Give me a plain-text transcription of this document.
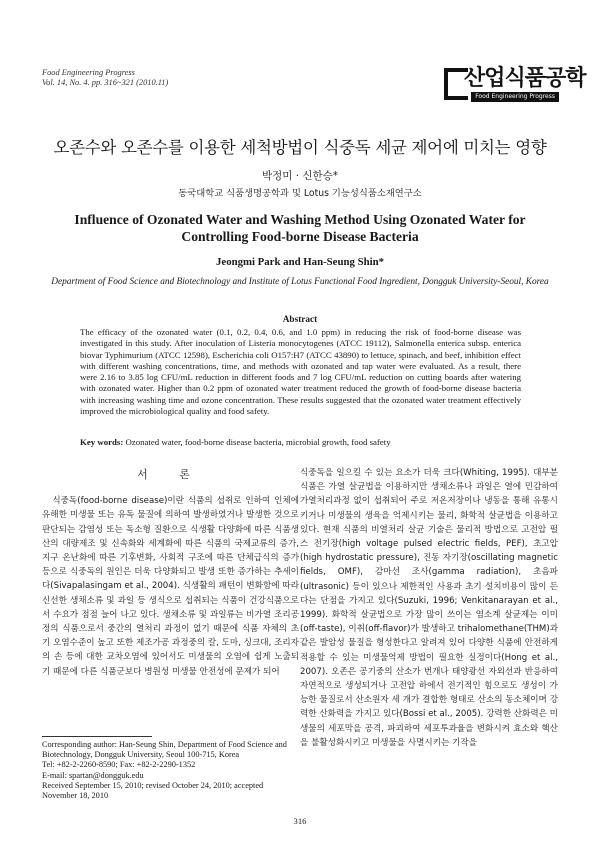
Food Engineering Progress
Vol. 14, No. 4. pp. 316~321 (2010.11)	산업식품공학
Food Engineering Progress
오존수와 오존수를 이용한 세척방법이 식중독 세균 제어에 미치는 영향
박정미 · 신한승*
동국대학교 식품생명공학과 및 Lotus 기능성식품소재연구소
Influence of Ozonated Water and Washing Method Using Ozonated Water for Controlling Food-borne Disease Bacteria
Jeongmi Park and Han-Seung Shin*
Department of Food Science and Biotechnology and Institute of Lotus Functional Food Ingredient, Dongguk University-Seoul, Korea
Abstract
The efficacy of the ozonated water (0.1, 0.2, 0.4, 0.6, and 1.0 ppm) in reducing the risk of food-borne disease was investigated in this study. After inoculation of Listeria monocytogenes (ATCC 19112), Salmonella enterica subsp. enterica biovar Typhimurium (ATCC 12598), Escherichia coli O157:H7 (ATCC 43890) to lettuce, spinach, and beef, inhibition effect with different washing concentrations, time, and methods with ozonated and tap water were evaluated. As a result, there were 2.16 to 3.85 log CFU/mL reduction in different foods and 7 log CFU/mL reduction on cutting boards after watering with ozonated water. Higher than 0.2 ppm of ozonated water treatment reduced the growth of food-borne disease bacteria with increasing washing time and ozone concentration. These results suggested that the ozonated water treatment effectively improved the microbiological quality and food safety.
Key words: Ozonated water, food-borne disease bacteria, microbial growth, food safety

서 론

식중독(food-borne disease)이란 식품의 섭취로 인하여 인체에 유해한 미생물 또는 유독 물질에 의하여 발생하였거나 발생한 것으로 판단되는 감염성 또는 독소형 질환으로 식생활 다양화에 따른 식품생산의 대량제조 및 신속화와 세계화에 따른 식품의 국제교류의 증가, 지구 온난화에 따른 기후변화, 사회적 구조에 따른 단체급식의 증가 등으로 식중독의 원인은 더욱 다양화되고 발생 또한 증가하는 추세이다(Sivapalasingam et al., 2004). 식생활의 패턴이 변화함에 따라 신선한 생채소류 및 과일 등 생식으로 섭취되는 식품이 건강식품으로서 수요가 점점 늘어 나고 있다. 생채소류 및 과일류는 비가열 조리공정의 식품으로서 중간의 열처리 과정이 없기 때문에 식품 자체의 초기 오염수준이 높고 또한 제조가공 과정중의 칼, 도마, 싱크대, 조리자의 손 등에 대한 교차오염에 있어서도 미생물의 오염에 쉽게 노출되기 때문에 다른 식품군보다 병원성 미생물 안전성에 문제가 되어

식중독을 일으킬 수 있는 요소가 더욱 크다(Whiting, 1995). 대부분 식품은 가열 살균법을 이용하지만 생채소류나 과일은 열에 민감하여 가열처리과정 없이 섭취되어 주로 저온저장이나 냉동을 통해 유통시키거나 미생물의 생육을 억제시키는 물리, 화학적 살균법을 이용하고 있다. 현재 식품의 비열처리 살균 기술은 물리적 방법으로 고전압 펄스 전기장(high voltage pulsed electric fields, PEF), 초고압(high hydrostatic pressure), 진동 자기장(oscillating magnetic fields, OMF), 감마선 조사(gamma radiation), 초음파(ultrasonic) 등이 있으나 제한적인 사용과 초기 설치비용이 많이 든다는 단점을 가지고 있다(Suzuki, 1996; Venkitanarayan et al., 1999). 화학적 살균법으로 가장 많이 쓰이는 염소계 살균제는 이미(off-taste), 이취(off-flavor)가 발생하고 trihalomethane(THM)과 같은 발암성 물질을 형성한다고 알려져 있어 다양한 식품에 안전하게 적용할 수 있는 미생물억제 방법이 필요한 실정이다(Hong et al., 2007). 오존은 공기중의 산소가 번개나 태양광선 자외선과 반응하여 자연적으로 생성되거나 고전압 하에서 전기적인 힘으로도 생성이 가능한 물질로서 산소원자 세 개가 결합한 형태로 산소의 동소체이며 강력한 산화력을 가지고 있다(Bossi et al., 2005). 강력한 산화력은 미생물의 세포막을 공격, 파괴하여 세포투과율을 변화시켜 효소와 핵산을 불활성화시키고 미생물을 사멸시키는 기작을

Corresponding author: Han-Seung Shin, Department of Food Science and Biotechnology, Dongguk University, Seoul 100-715, Korea

Tel: +82-2-2260-8590; Fax: +82-2-2290-1352

E-mail: spartan@dongguk.edu

Received September 15, 2010; revised October 24, 2010; accepted November 18, 2010

316
